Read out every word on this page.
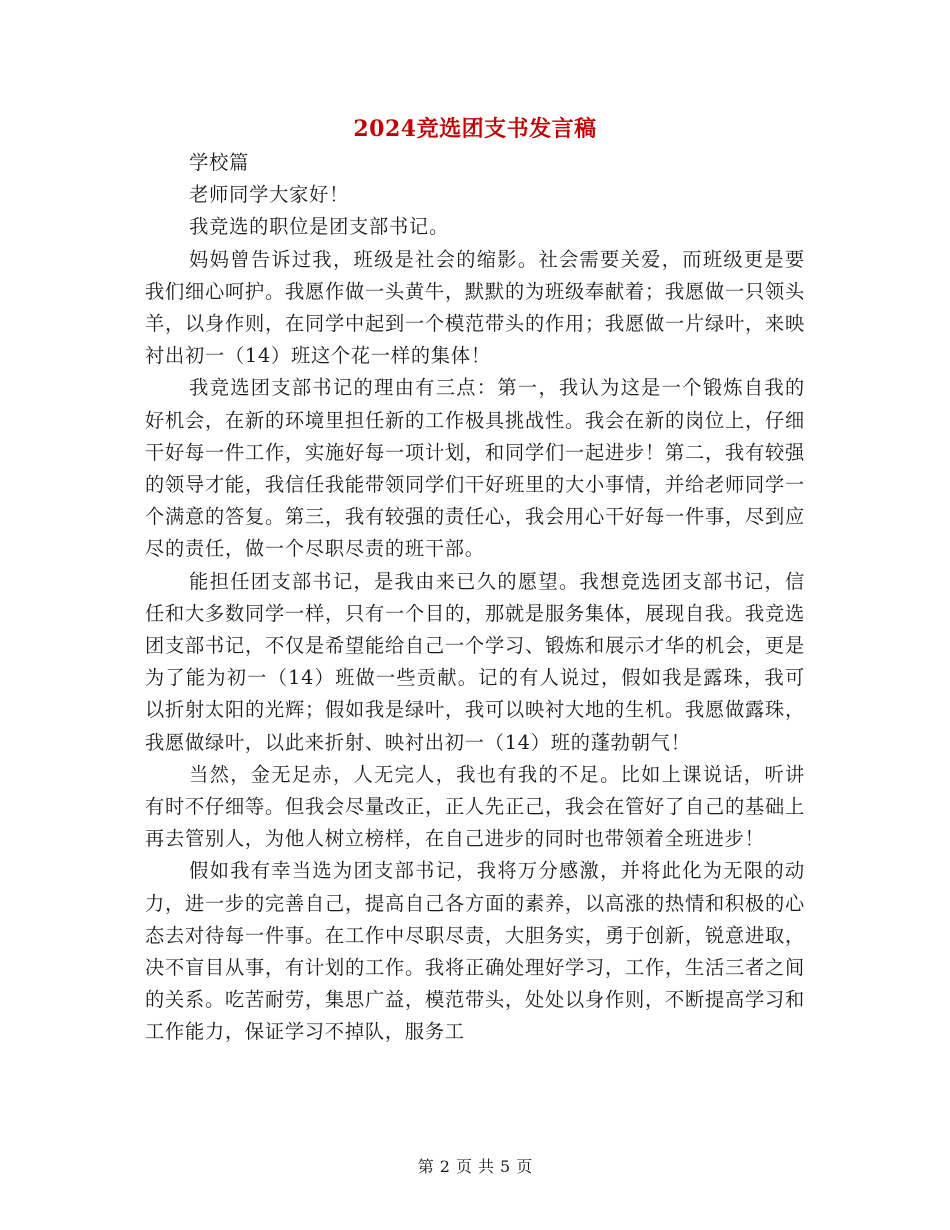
2024竞选团支书发言稿

学校篇

老师同学大家好！

我竞选的职位是团支部书记。

妈妈曾告诉过我，班级是社会的缩影。社会需要关爱，而班级更是要我们细心呵护。我愿作做一头黄牛，默默的为班级奉献着；我愿做一只领头羊，以身作则，在同学中起到一个模范带头的作用；我愿做一片绿叶，来映衬出初一（14）班这个花一样的集体！

我竞选团支部书记的理由有三点：第一，我认为这是一个锻炼自我的好机会，在新的环境里担任新的工作极具挑战性。我会在新的岗位上，仔细干好每一件工作，实施好每一项计划，和同学们一起进步！第二，我有较强的领导才能，我信任我能带领同学们干好班里的大小事情，并给老师同学一个满意的答复。第三，我有较强的责任心，我会用心干好每一件事，尽到应尽的责任，做一个尽职尽责的班干部。

能担任团支部书记，是我由来已久的愿望。我想竞选团支部书记，信任和大多数同学一样，只有一个目的，那就是服务集体，展现自我。我竞选团支部书记，不仅是希望能给自己一个学习、锻炼和展示才华的机会，更是为了能为初一（14）班做一些贡献。记的有人说过，假如我是露珠，我可以折射太阳的光辉；假如我是绿叶，我可以映衬大地的生机。我愿做露珠，我愿做绿叶，以此来折射、映衬出初一（14）班的蓬勃朝气！

当然，金无足赤，人无完人，我也有我的不足。比如上课说话，听讲有时不仔细等。但我会尽量改正，正人先正己，我会在管好了自己的基础上再去管别人，为他人树立榜样，在自己进步的同时也带领着全班进步！

假如我有幸当选为团支部书记，我将万分感激，并将此化为无限的动力，进一步的完善自己，提高自己各方面的素养，以高涨的热情和积极的心态去对待每一件事。在工作中尽职尽责，大胆务实，勇于创新，锐意进取，决不盲目从事，有计划的工作。我将正确处理好学习，工作，生活三者之间的关系。吃苦耐劳，集思广益，模范带头，处处以身作则，不断提高学习和工作能力，保证学习不掉队，服务工

第 2 页 共 5 页
